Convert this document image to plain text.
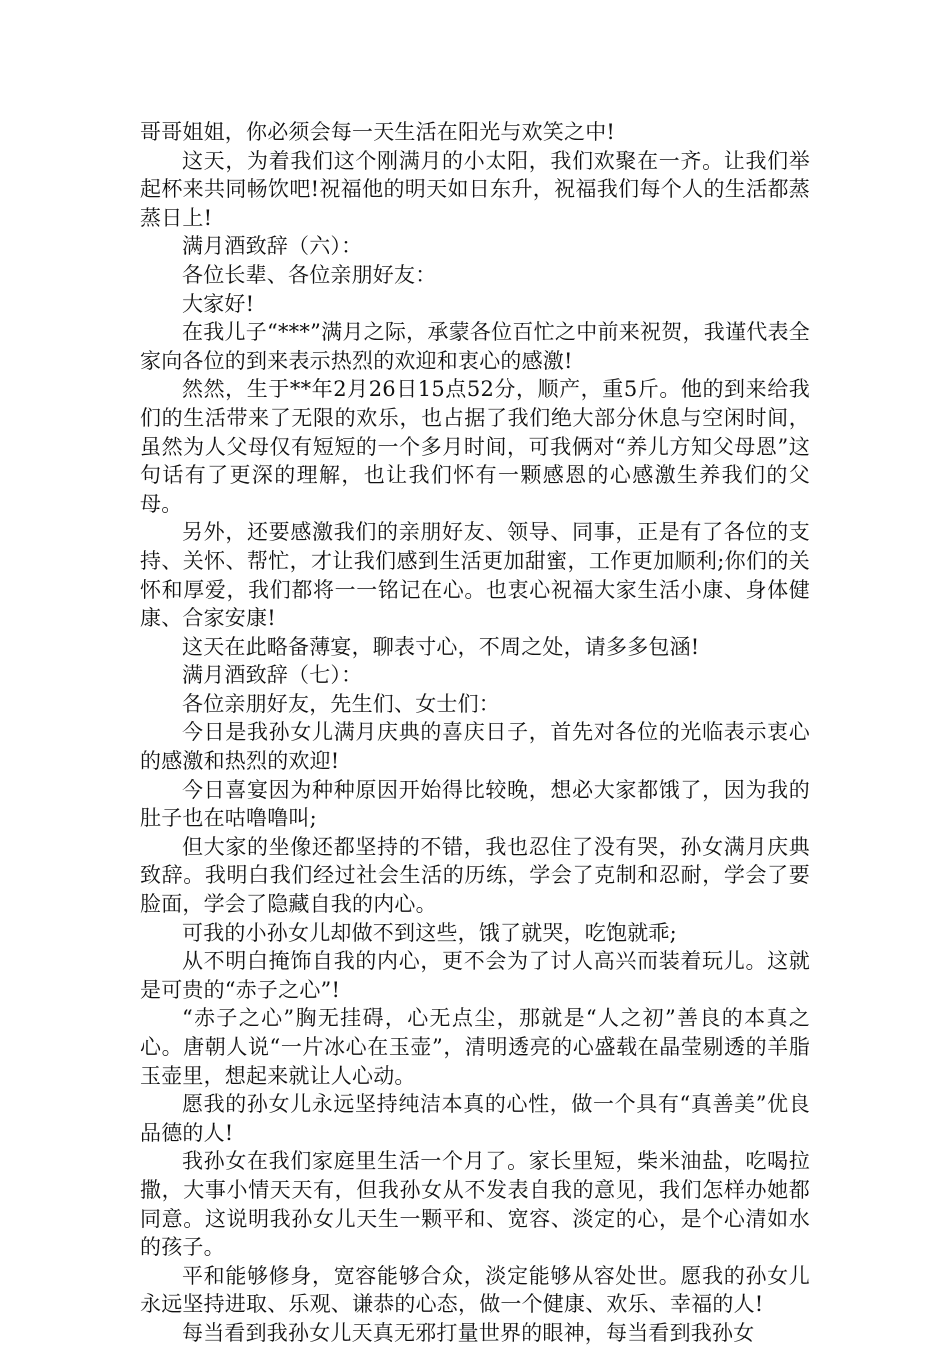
哥哥姐姐，你必须会每一天生活在阳光与欢笑之中!

这天，为着我们这个刚满月的小太阳，我们欢聚在一齐。让我们举起杯来共同畅饮吧!祝福他的明天如日东升，祝福我们每个人的生活都蒸蒸日上!

满月酒致辞（六）：

各位长辈、各位亲朋好友：

大家好!

在我儿子“***”满月之际，承蒙各位百忙之中前来祝贺，我谨代表全家向各位的到来表示热烈的欢迎和衷心的感激!

然然，生于**年2月26日15点52分，顺产，重5斤。他的到来给我们的生活带来了无限的欢乐，也占据了我们绝大部分休息与空闲时间，虽然为人父母仅有短短的一个多月时间，可我俩对“养儿方知父母恩”这句话有了更深的理解，也让我们怀有一颗感恩的心感激生养我们的父母。

另外，还要感激我们的亲朋好友、领导、同事，正是有了各位的支持、关怀、帮忙，才让我们感到生活更加甜蜜，工作更加顺利;你们的关怀和厚爱，我们都将一一铭记在心。也衷心祝福大家生活小康、身体健康、合家安康!

这天在此略备薄宴，聊表寸心，不周之处，请多多包涵!

满月酒致辞（七）：

各位亲朋好友，先生们、女士们：

今日是我孙女儿满月庆典的喜庆日子，首先对各位的光临表示衷心的感激和热烈的欢迎!

今日喜宴因为种种原因开始得比较晚，想必大家都饿了，因为我的肚子也在咕噜噜叫;

但大家的坐像还都坚持的不错，我也忍住了没有哭，孙女满月庆典致辞。我明白我们经过社会生活的历练，学会了克制和忍耐，学会了要脸面，学会了隐藏自我的内心。

可我的小孙女儿却做不到这些，饿了就哭，吃饱就乖;

从不明白掩饰自我的内心，更不会为了讨人高兴而装着玩儿。这就是可贵的“赤子之心”!

“赤子之心”胸无挂碍，心无点尘，那就是“人之初”善良的本真之心。唐朝人说“一片冰心在玉壶”，清明透亮的心盛载在晶莹剔透的羊脂玉壶里，想起来就让人心动。

愿我的孙女儿永远坚持纯洁本真的心性，做一个具有“真善美”优良品德的人!

我孙女在我们家庭里生活一个月了。家长里短，柴米油盐，吃喝拉撒，大事小情天天有，但我孙女从不发表自我的意见，我们怎样办她都同意。这说明我孙女儿天生一颗平和、宽容、淡定的心，是个心清如水的孩子。

平和能够修身，宽容能够合众，淡定能够从容处世。愿我的孙女儿永远坚持进取、乐观、谦恭的心态，做一个健康、欢乐、幸福的人!

每当看到我孙女儿天真无邪打量世界的眼神，每当看到我孙女
